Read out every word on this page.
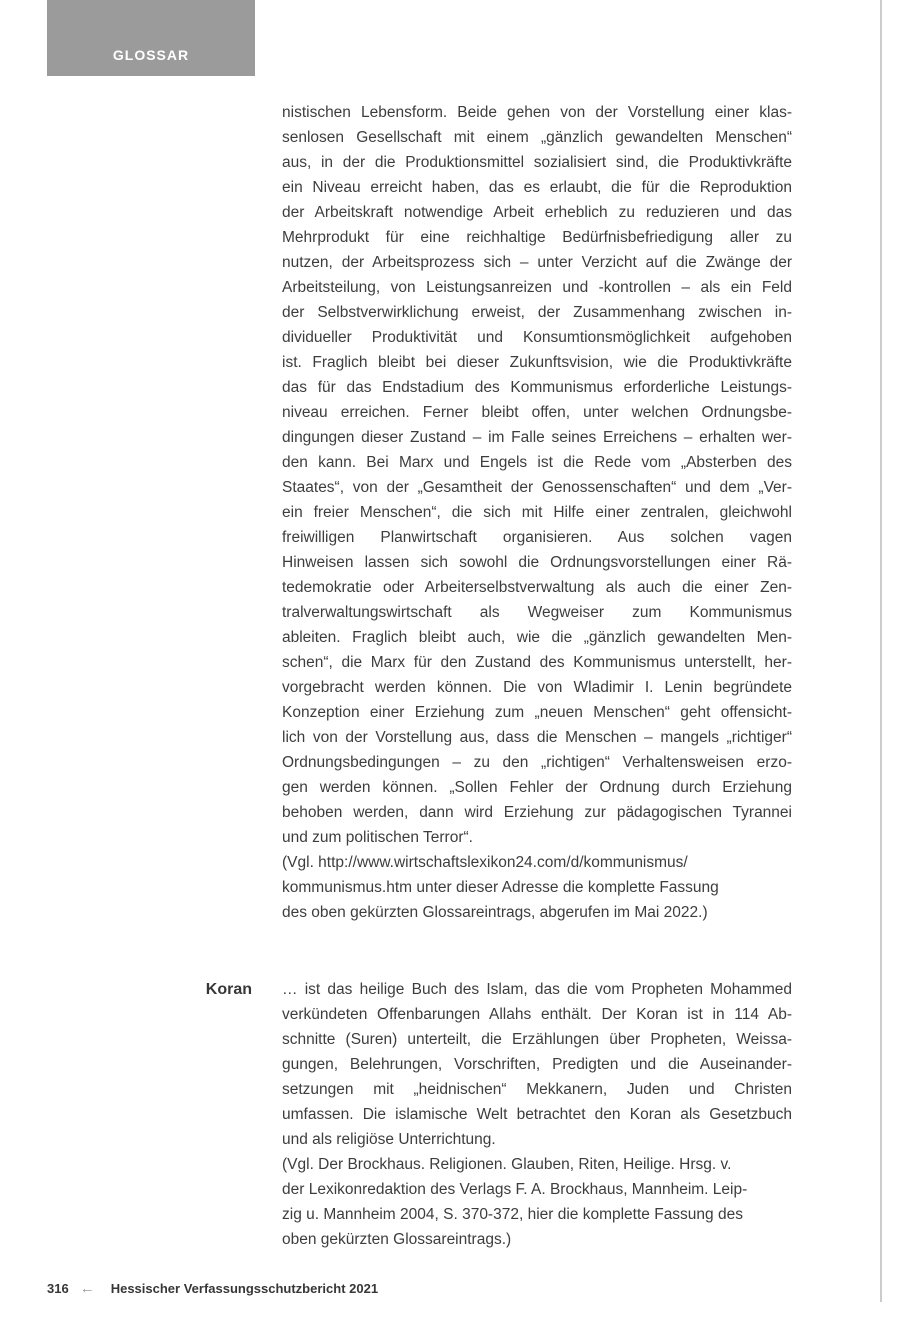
GLOSSAR
nistischen Lebensform. Beide gehen von der Vorstellung einer klas-
senlosen Gesellschaft mit einem „gänzlich gewandelten Menschen“
aus, in der die Produktionsmittel sozialisiert sind, die Produktivkräfte
ein Niveau erreicht haben, das es erlaubt, die für die Reproduktion
der Arbeitskraft notwendige Arbeit erheblich zu reduzieren und das
Mehrprodukt für eine reichhaltige Bedürfnisbefriedigung aller zu
nutzen, der Arbeitsprozess sich – unter Verzicht auf die Zwänge der
Arbeitsteilung, von Leistungsanreizen und -kontrollen – als ein Feld
der Selbstverwirklichung erweist, der Zusammenhang zwischen in-
dividueller Produktivität und Konsumtionsmöglichkeit aufgehoben
ist. Fraglich bleibt bei dieser Zukunftsvision, wie die Produktivkräfte
das für das Endstadium des Kommunismus erforderliche Leistungs-
niveau erreichen. Ferner bleibt offen, unter welchen Ordnungsbe-
dingungen dieser Zustand – im Falle seines Erreichens – erhalten wer-
den kann. Bei Marx und Engels ist die Rede vom „Absterben des
Staates“, von der „Gesamtheit der Genossenschaften“ und dem „Ver-
ein freier Menschen“, die sich mit Hilfe einer zentralen, gleichwohl
freiwilligen Planwirtschaft organisieren. Aus solchen vagen
Hinweisen lassen sich sowohl die Ordnungsvorstellungen einer Rä-
tedemokratie oder Arbeiterselbstverwaltung als auch die einer Zen-
tralverwaltungswirtschaft als Wegweiser zum Kommunismus
ableiten. Fraglich bleibt auch, wie die „gänzlich gewandelten Men-
schen“, die Marx für den Zustand des Kommunismus unterstellt, her-
vorgebracht werden können. Die von Wladimir I. Lenin begründete
Konzeption einer Erziehung zum „neuen Menschen“ geht offensicht-
lich von der Vorstellung aus, dass die Menschen – mangels „richtiger“
Ordnungsbedingungen – zu den „richtigen“ Verhaltensweisen erzo-
gen werden können. „Sollen Fehler der Ordnung durch Erziehung
behoben werden, dann wird Erziehung zur pädagogischen Tyrannei
und zum politischen Terror“.
(Vgl. http://www.wirtschaftslexikon24.com/d/kommunismus/
kommunismus.htm unter dieser Adresse die komplette Fassung
des oben gekürzten Glossareintrags, abgerufen im Mai 2022.)
Koran … ist das heilige Buch des Islam, das die vom Propheten Mohammed
verkündeten Offenbarungen Allahs enthält. Der Koran ist in 114 Ab-
schnitte (Suren) unterteilt, die Erzählungen über Propheten, Weissa-
gungen, Belehrungen, Vorschriften, Predigten und die Auseinander-
setzungen mit „heidnischen“ Mekkanern, Juden und Christen
umfassen. Die islamische Welt betrachtet den Koran als Gesetzbuch
und als religiöse Unterrichtung.
(Vgl. Der Brockhaus. Religionen. Glauben, Riten, Heilige. Hrsg. v.
der Lexikonredaktion des Verlags F. A. Brockhaus, Mannheim. Leip-
zig u. Mannheim 2004, S. 370-372, hier die komplette Fassung des
oben gekürzten Glossareintrags.)
316 ← Hessischer Verfassungsschutzbericht 2021
